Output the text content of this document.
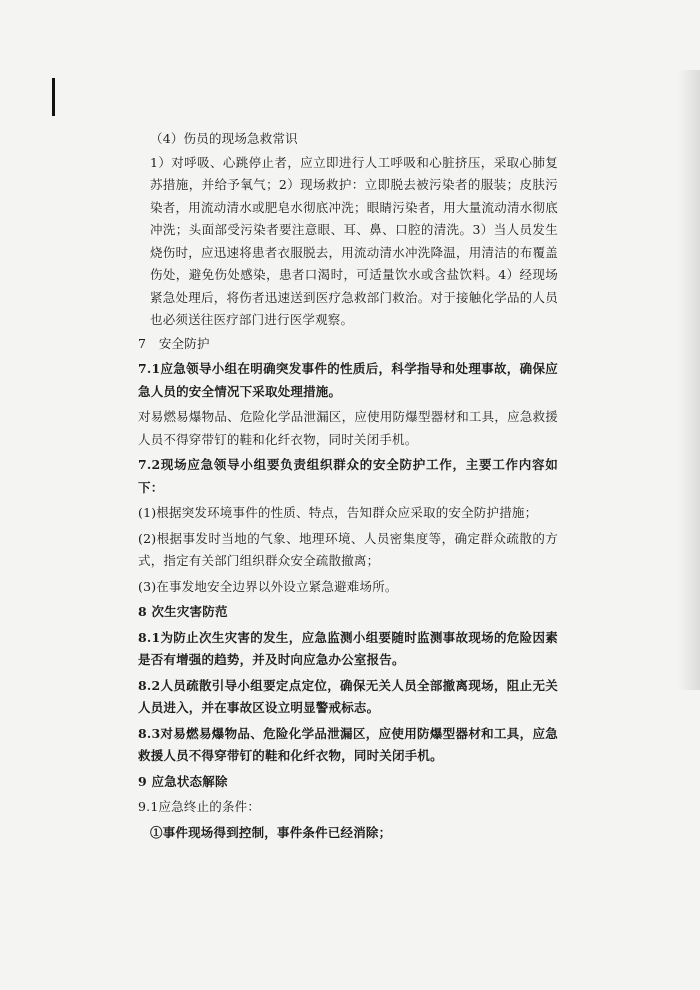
（4）伤员的现场急救常识

1）对呼吸、心跳停止者，应立即进行人工呼吸和心脏挤压，采取心肺复苏措施，并给予氧气；2）现场救护：立即脱去被污染者的服装；皮肤污染者，用流动清水或肥皂水彻底冲洗；眼睛污染者，用大量流动清水彻底冲洗；头面部受污染者要注意眼、耳、鼻、口腔的清洗。3）当人员发生烧伤时，应迅速将患者衣服脱去，用流动清水冲洗降温，用清洁的布覆盖伤处，避免伤处感染，患者口渴时，可适量饮水或含盐饮料。4）经现场紧急处理后，将伤者迅速送到医疗急救部门救治。对于接触化学品的人员也必须送往医疗部门进行医学观察。

7　安全防护

7.1应急领导小组在明确突发事件的性质后，科学指导和处理事故，确保应急人员的安全情况下采取处理措施。

对易燃易爆物品、危险化学品泄漏区，应使用防爆型器材和工具，应急救援人员不得穿带钉的鞋和化纤衣物，同时关闭手机。

7.2现场应急领导小组要负责组织群众的安全防护工作，主要工作内容如下：

(1)根据突发环境事件的性质、特点，告知群众应采取的安全防护措施；

(2)根据事发时当地的气象、地理环境、人员密集度等，确定群众疏散的方式，指定有关部门组织群众安全疏散撤离；

(3)在事发地安全边界以外设立紧急避难场所。

8 次生灾害防范

8.1为防止次生灾害的发生，应急监测小组要随时监测事故现场的危险因素是否有增强的趋势，并及时向应急办公室报告。

8.2人员疏散引导小组要定点定位，确保无关人员全部撤离现场，阻止无关人员进入，并在事故区设立明显警戒标志。

8.3对易燃易爆物品、危险化学品泄漏区，应使用防爆型器材和工具，应急救援人员不得穿带钉的鞋和化纤衣物，同时关闭手机。

9 应急状态解除

9.1应急终止的条件：

①事件现场得到控制，事件条件已经消除；
